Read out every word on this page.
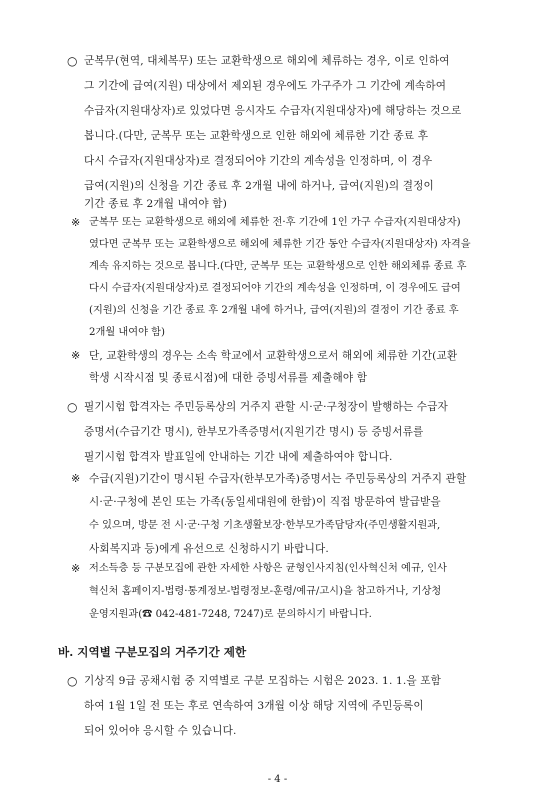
○ 군복무(현역, 대체복무) 또는 교환학생으로 해외에 체류하는 경우, 이로 인하여
그 기간에 급여(지원) 대상에서 제외된 경우에도 가구주가 그 기간에 계속하여
수급자(지원대상자)로 있었다면 응시자도 수급자(지원대상자)에 해당하는 것으로
봅니다.(다만, 군복무 또는 교환학생으로 인한 해외에 체류한 기간 종료 후
다시 수급자(지원대상자)로 결정되어야 기간의 계속성을 인정하며, 이 경우
급여(지원)의 신청을 기간 종료 후 2개월 내에 하거나, 급여(지원)의 결정이
기간 종료 후 2개월 내여야 함)
※ 군복무 또는 교환학생으로 해외에 체류한 전·후 기간에 1인 가구 수급자(지원대상자)
였다면 군복무 또는 교환학생으로 해외에 체류한 기간 동안 수급자(지원대상자) 자격을
계속 유지하는 것으로 봅니다.(다만, 군복무 또는 교환학생으로 인한 해외체류 종료 후
다시 수급자(지원대상자)로 결정되어야 기간의 계속성을 인정하며, 이 경우에도 급여
(지원)의 신청을 기간 종료 후 2개월 내에 하거나, 급여(지원)의 결정이 기간 종료 후
2개월 내여야 함)
※ 단, 교환학생의 경우는 소속 학교에서 교환학생으로서 해외에 체류한 기간(교환
학생 시작시점 및 종료시점)에 대한 증빙서류를 제출해야 함
○ 필기시험 합격자는 주민등록상의 거주지 관할 시·군·구청장이 발행하는 수급자
증명서(수급기간 명시), 한부모가족증명서(지원기간 명시) 등 증빙서류를
필기시험 합격자 발표일에 안내하는 기간 내에 제출하여야 합니다.
※ 수급(지원)기간이 명시된 수급자(한부모가족)증명서는 주민등록상의 거주지 관할
시·군·구청에 본인 또는 가족(동일세대원에 한함)이 직접 방문하여 발급받을
수 있으며, 방문 전 시·군·구청 기초생활보장·한부모가족담당자(주민생활지원과,
사회복지과 등)에게 유선으로 신청하시기 바랍니다.
※ 저소득층 등 구분모집에 관한 자세한 사항은 균형인사지침(인사혁신처 예규, 인사
혁신처 홈페이지-법령·통계정보-법령정보-훈령/예규/고시)을 참고하거나, 기상청
운영지원과(☎ 042-481-7248, 7247)로 문의하시기 바랍니다.
바. 지역별 구분모집의 거주기간 제한
○ 기상직 9급 공채시험 중 지역별로 구분 모집하는 시험은 2023. 1. 1.을 포함
하여 1월 1일 전 또는 후로 연속하여 3개월 이상 해당 지역에 주민등록이
되어 있어야 응시할 수 있습니다.
- 4 -
